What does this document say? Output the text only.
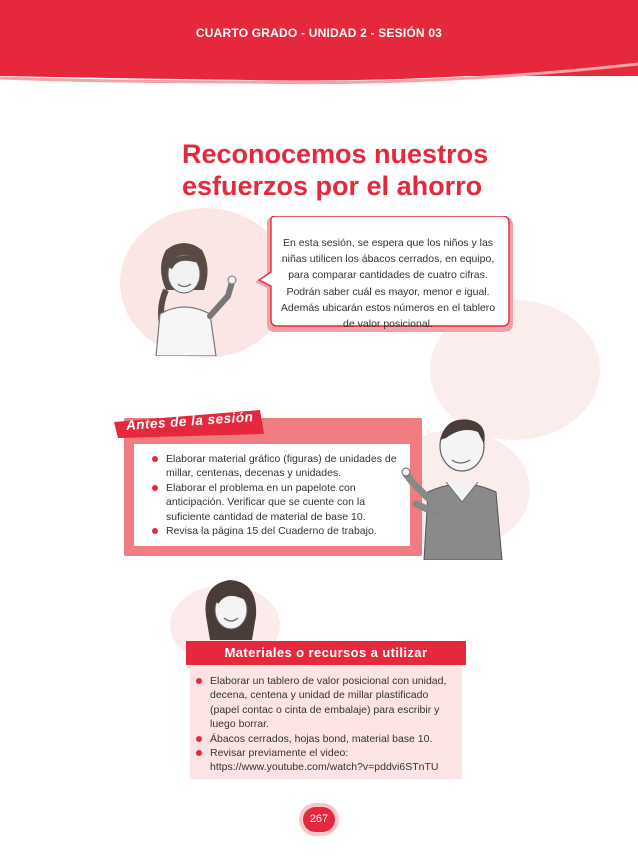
CUARTO GRADO - UNIDAD 2 - SESIÓN 03
Reconocemos nuestros
esfuerzos por el ahorro
En esta sesión, se espera que los niños y las niñas utilicen los ábacos cerrados, en equipo, para comparar cantidades de cuatro cifras. Podrán saber cuál es mayor, menor e igual. Además ubicarán estos números en el tablero de valor posicional.
Antes de la sesión
Elaborar material gráfico (figuras) de unidades de millar, centenas, decenas y unidades.
Elaborar el problema en un papelote con anticipación. Verificar que se cuente con la suficiente cantidad de material de base 10.
Revisa la página 15 del Cuaderno de trabajo.
Materiales o recursos a utilizar
Elaborar un tablero de valor posicional con unidad, decena, centena y unidad de millar plastificado (papel contac o cinta de embalaje) para escribir y luego borrar.
Ábacos cerrados, hojas bond, material base 10.
Revisar previamente el video: https://www.youtube.com/watch?v=pddvi6STnTU
267
